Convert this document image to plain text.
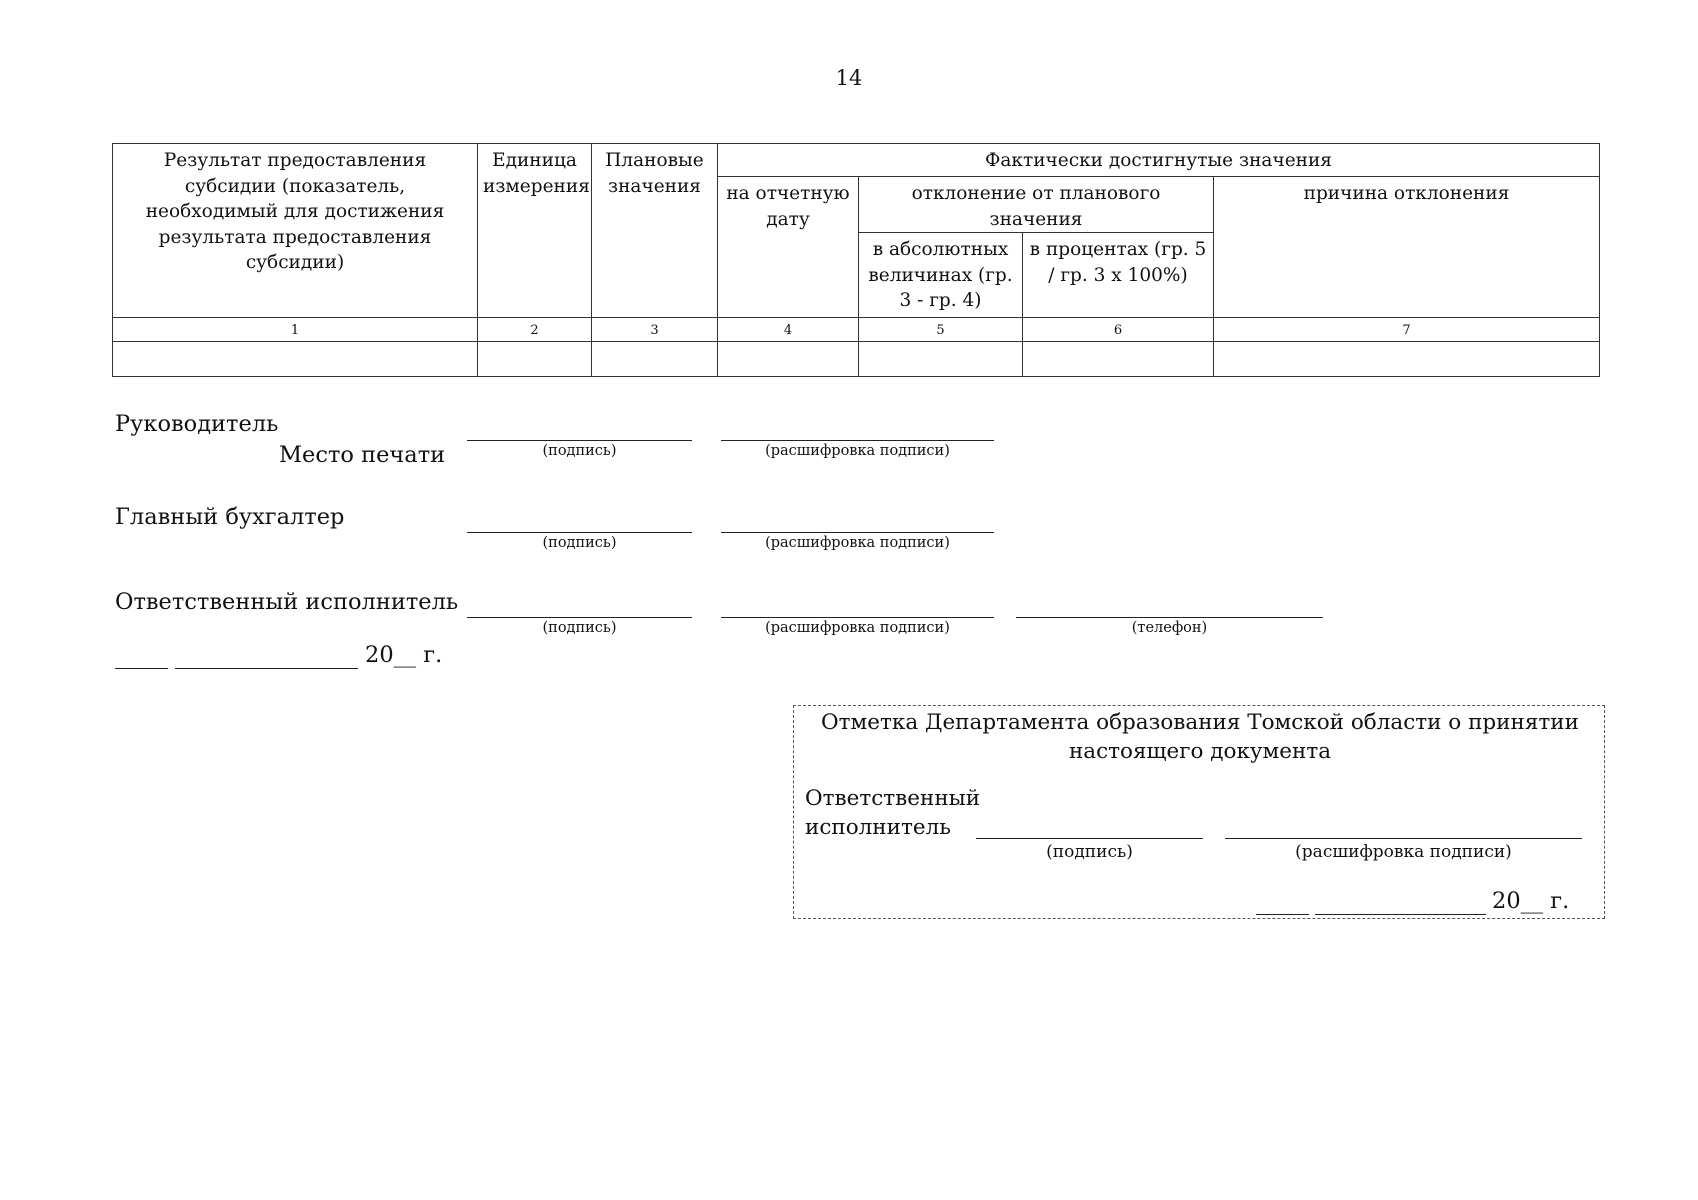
14
Результат предоставления субсидии (показатель, необходимый для достижения результата предоставления субсидии)	Единица измерения	Плановые значения	Фактически достигнутые значения			
			на отчетную дату	отклонение от планового значения		причина отклонения
				в абсолютных величинах (гр. 3 - гр. 4)	в процентах (гр. 5 / гр. 3 х 100%)	
1	2	3	4	5	6	7

Руководитель
Место печати	(подпись)	(расшифровка подписи)
Главный бухгалтер
(подпись)	(расшифровка подписи)
Ответственный исполнитель
(подпись)	(расшифровка подписи)	(телефон)
20__ г.
Отметка Департамента образования Томской области о принятии настоящего документа
Ответственный исполнитель
(подпись)	(расшифровка подписи)
20__ г.
